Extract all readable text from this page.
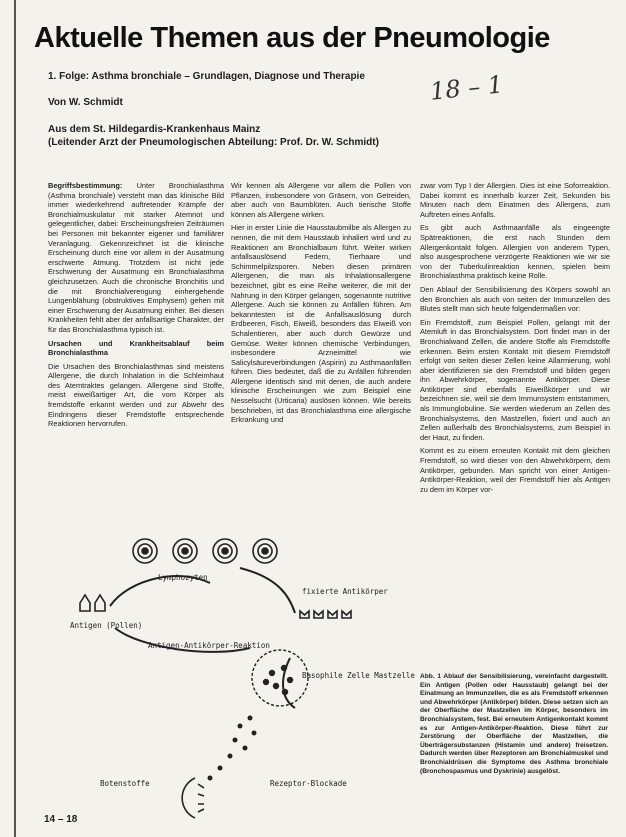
Aktuelle Themen aus der Pneumologie
1. Folge: Asthma bronchiale – Grundlagen, Diagnose und Therapie
Von W. Schmidt
Aus dem St. Hildegardis-Krankenhaus Mainz
(Leitender Arzt der Pneumologischen Abteilung: Prof. Dr. W. Schmidt)
18 – 1

Begriffsbestimmung: Unter Bronchialasthma (Asthma bronchiale) versteht man das klinische Bild immer wiederkehrend auftretender Krämpfe der Bronchialmuskulatur mit starker Atemnot und gelegentlicher, dabei: Erscheinungsfreien Zeiträumen bei Personen mit bekannter eigener und familiärer Veranlagung. Gekennzeichnet ist die klinische Erscheinung durch eine vor allem in der Ausatmung erschwerte Atmung. Trotzdem ist nicht jede Erschwerung der Ausatmung ein Bronchialasthma gleichzusetzen. Auch die chronische Bronchitis und die mit Bronchialverengung einhergehende Lungenblähung (obstruktives Emphysem) gehen mit einer Erschwerung der Ausatmung einher. Bei diesen Krankheiten fehlt aber der anfallsartige Charakter, der für das Bronchialasthma typisch ist.

Ursachen und Krankheitsablauf beim Bronchialasthma

Die Ursachen des Bronchialasthmas sind meistens Allergene, die durch Inhalation in die Schleimhaut des Atemtraktes gelangen. Allergene sind Stoffe, meist eiweißartiger Art, die vom Körper als fremdstoffe erkannt werden und zur Abwehr des Eindringens dieser Fremdstoffe entsprechende Reaktionen hervorrufen.

Wir kennen als Allergene vor allem die Pollen von Pflanzen, insbesondere von Gräsern, von Getreiden, aber auch von Baumblüten. Auch tierische Stoffe können als Allergene wirken.

Hier in erster Linie die Hausstaubmilbe als Allergen zu nennen, die mit dem Hausstaub inhaliert wird und zu Reaktionen am Bronchialbaum führt. Weiter wirken anfallsauslösend Federn, Tierhaare und Schimmelpilzsporen. Neben diesen primären Allergenen, die man als Inhalationsallergene bezeichnet, gibt es eine Reihe weiterer, die mit der Nahrung in den Körper gelangen, sogenannte nutritive Allergene. Auch sie können zu Anfällen führen. Am bekanntesten ist die Anfallsauslösung durch Erdbeeren, Fisch, Eiweiß, besonders das Eiweiß von Schalentieren, aber auch durch Gewürze und Gemüse. Weiter können chemische Verbindungen, insbesondere Arzneimittel wie Salicylsäureverbindungen (Aspirin) zu Asthmaanfällen führen. Dies bedeutet, daß die zu Anfällen führenden Allergene identisch sind mit denen, die auch andere klinische Erscheinungen wie zum Beispiel eine Nesselsucht (Urticaria) auslösen können. Wie bereits beschrieben, ist das Bronchialasthma eine allergische Erkrankung und

zwar vom Typ I der Allergien. Dies ist eine Soforreaktion. Dabei kommt es innerhalb kurzer Zeit, Sekunden bis Minuten nach dem Einatmen des Allergens, zum Auftreten eines Anfalls.

Es gibt auch Asthmaanfälle als eingeengte Spätreaktionen, die erst nach Stunden dem Allergenkontakt folgen. Allergien von anderem Typen, also ausgesprochene verzögerte Reaktionen wie wir sie von der Tuberkulinreaktion kennen, spielen beim Bronchialasthma praktisch keine Rolle.

Den Ablauf der Sensibilisierung des Körpers sowohl an den Bronchien als auch von seiten der Immunzellen des Blutes stellt man sich heute folgendermaßen vor:

Ein Fremdstoff, zum Beispiel Pollen, gelangt mit der Atemluft in das Bronchialsystem. Dort findet man in der Bronchialwand Zellen, die andere Stoffe als Fremdstoffe erkennen. Beim ersten Kontakt mit diesem Fremdstoff erfolgt von seiten dieser Zellen keine Allarmierung, wohl aber identifizieren sie den Fremdstoff und bilden gegen ihn Abwehrkörper, sogenannte Antikörper. Diese Antikörper sind ebenfalls Eiweißkörper und wir bezeichnen sie, weil sie dem Immunsystem entstammen, als Immunglobuline. Sie werden wiederum an Zellen des Bronchialsystems, den Mastzellen, fixiert und auch an Zellen außerhalb des Bronchialsystems, zum Beispiel in der Haut, zu finden.

Kommt es zu einem erneuten Kontakt mit dem gleichen Fremdstoff, so wird dieser von den Abwehrkörpern, dem Antikörper, gebunden. Man spricht von einer Antigen-Antikörper-Reaktion, weil der Fremdstoff hier als Antigen zu dem im Körper vor-

Lymphozyten
Antigen (Pollen)
fixierte Antikörper
Antigen-Antikörper-Reaktion
Basophile Zelle Mastzelle
Botenstoffe	Rezeptor-Blockade
Abb. 1 Ablauf der Sensibilisierung, vereinfacht dargestellt. Ein Antigen (Pollen oder Hausstaub) gelangt bei der Einatmung an Immunzellen, die es als Fremdstoff erkennen und Abwehrkörper (Antikörper) bilden. Diese setzen sich an der Oberfläche der Mastzellen im Körper, besonders im Bronchialsystem, fest. Bei erneutem Antigenkontakt kommt es zur Antigen-Antikörper-Reaktion. Diese führt zur Zerstörung der Oberfläche der Mastzellen, die Überträgersubstanzen (Histamin und andere) freisetzen. Dadurch werden über Rezeptoren am Bronchialmuskel und Bronchialdrüsen die Symptome des Asthma bronchiale (Bronchospasmus und Dyskrinie) ausgelöst.
14 – 18
